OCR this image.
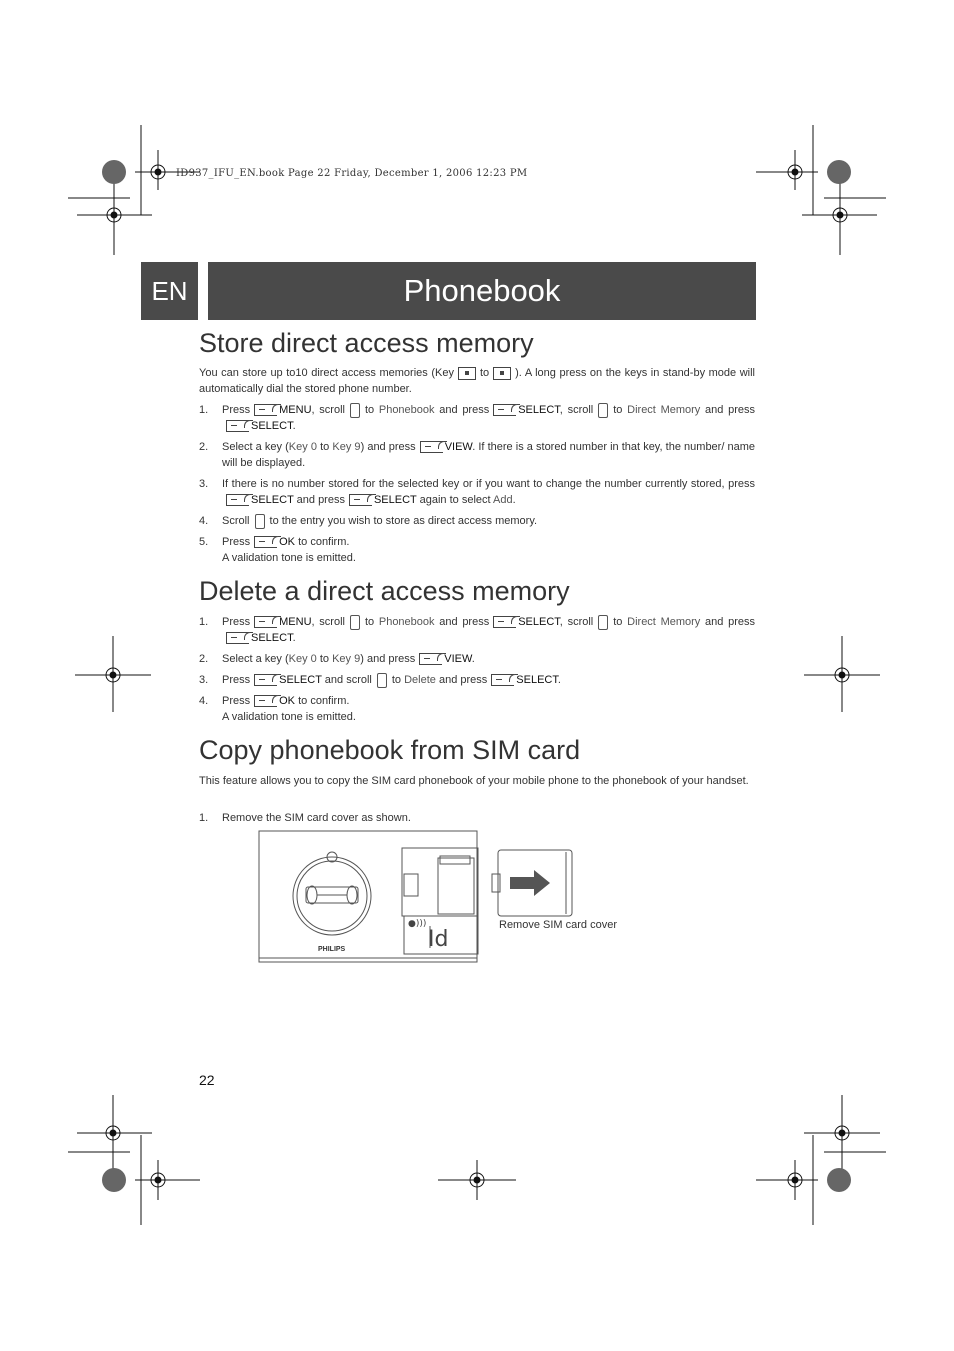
ID937_IFU_EN.book Page 22 Friday, December 1, 2006 12:23 PM
EN	Phonebook
Store direct access memory
You can store up to10 direct access memories (Key to ). A long press on the keys in stand-by mode will automatically dial the stored phone number.
1. Press	MENU, scroll to Phonebook and press	SELECT, scroll to Direct Memory and pressSELECT.
2. Select a key (Key 0 to Key 9) and press	VIEW. If there is a stored number in that key, the number/ name will be displayed.
3. If there is no number stored for the selected key or if you want to change the number currently stored, pressSELECT and press	SELECT again to select Add.
4. Scroll to the entry you wish to store as direct access memory.
5. Press	OK to confirm.
A validation tone is emitted.
Delete a direct access memory
1. Press	MENU, scroll to Phonebook and press	SELECT, scroll to Direct Memory and pressSELECT.
2. Select a key (Key 0 to Key 9) and press	VIEW.
3. Press	SELECT and scroll to Delete and press	SELECT.
4. Press	OK to confirm.
A validation tone is emitted.
Copy phonebook from SIM card
This feature allows you to copy the SIM card phonebook of your mobile phone to the phonebook of your handset.
1. Remove the SIM card cover as shown.
●)))
Id
PHILIPS
Remove SIM card cover
22
